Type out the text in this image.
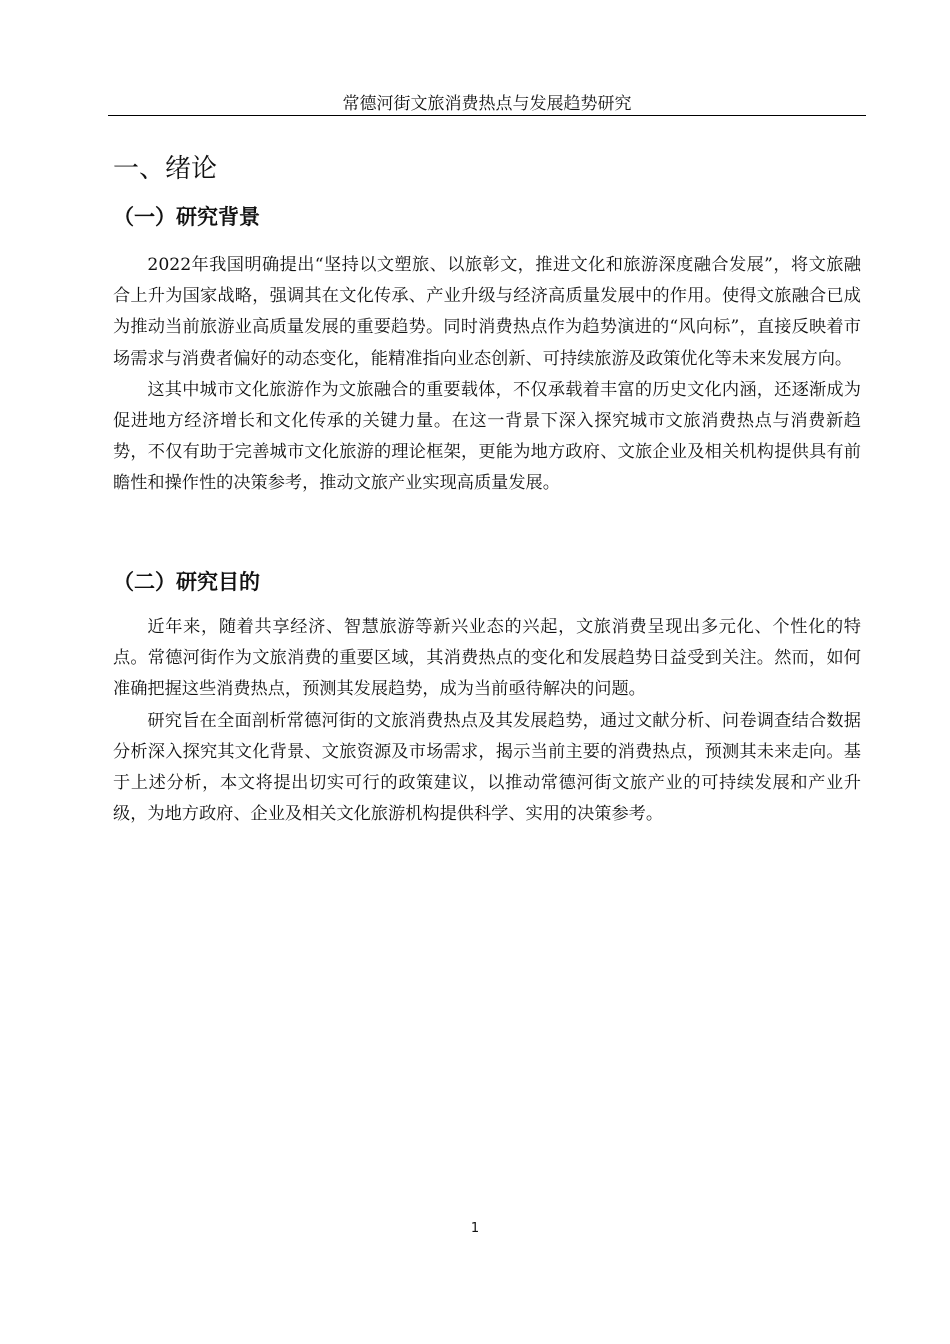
常德河街文旅消费热点与发展趋势研究
一、绪论
（一）研究背景

2022年我国明确提出“坚持以文塑旅、以旅彰文，推进文化和旅游深度融合发展”，将文旅融合上升为国家战略，强调其在文化传承、产业升级与经济高质量发展中的作用。使得文旅融合已成为推动当前旅游业高质量发展的重要趋势。同时消费热点作为趋势演进的“风向标”，直接反映着市场需求与消费者偏好的动态变化，能精准指向业态创新、可持续旅游及政策优化等未来发展方向。

这其中城市文化旅游作为文旅融合的重要载体，不仅承载着丰富的历史文化内涵，还逐渐成为促进地方经济增长和文化传承的关键力量。在这一背景下深入探究城市文旅消费热点与消费新趋势，不仅有助于完善城市文化旅游的理论框架，更能为地方政府、文旅企业及相关机构提供具有前瞻性和操作性的决策参考，推动文旅产业实现高质量发展。

（二）研究目的

近年来，随着共享经济、智慧旅游等新兴业态的兴起，文旅消费呈现出多元化、个性化的特点。常德河街作为文旅消费的重要区域，其消费热点的变化和发展趋势日益受到关注。然而，如何准确把握这些消费热点，预测其发展趋势，成为当前亟待解决的问题。

研究旨在全面剖析常德河街的文旅消费热点及其发展趋势，通过文献分析、问卷调查结合数据分析深入探究其文化背景、文旅资源及市场需求，揭示当前主要的消费热点，预测其未来走向。基于上述分析，本文将提出切实可行的政策建议，以推动常德河街文旅产业的可持续发展和产业升级，为地方政府、企业及相关文化旅游机构提供科学、实用的决策参考。

1
